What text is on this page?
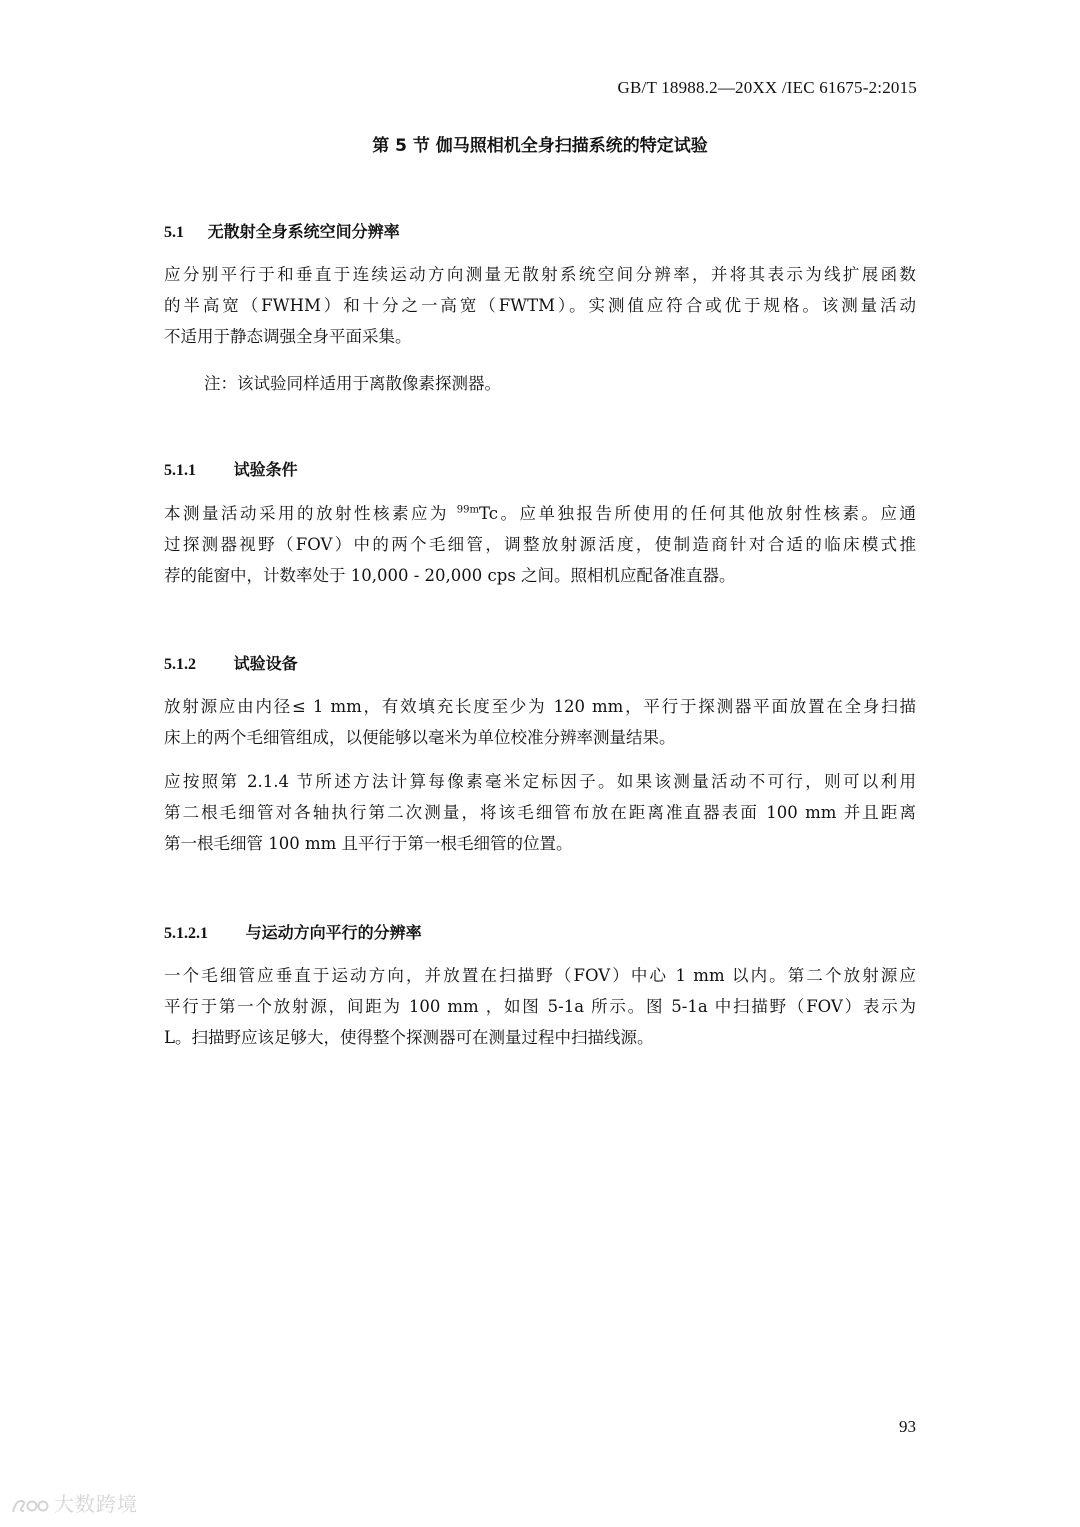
GB/T 18988.2—20XX /IEC 61675-2:2015
第 5 节 伽马照相机全身扫描系统的特定试验
5.1 无散射全身系统空间分辨率
应分别平行于和垂直于连续运动方向测量无散射系统空间分辨率，并将其表示为线扩展函数
的半高宽（FWHM）和十分之一高宽（FWTM）。实测值应符合或优于规格。该测量活动
不适用于静态调强全身平面采集。
注：该试验同样适用于离散像素探测器。
5.1.1 试验条件
本测量活动采用的放射性核素应为 $^{99m}$Tc。应单独报告所使用的任何其他放射性核素。应通
过探测器视野（FOV）中的两个毛细管，调整放射源活度，使制造商针对合适的临床模式推
荐的能窗中，计数率处于 10,000 - 20,000 cps 之间。照相机应配备准直器。
5.1.2 试验设备
放射源应由内径≤ 1 mm，有效填充长度至少为 120 mm，平行于探测器平面放置在全身扫描
床上的两个毛细管组成，以便能够以毫米为单位校准分辨率测量结果。
应按照第 2.1.4 节所述方法计算每像素毫米定标因子。如果该测量活动不可行，则可以利用
第二根毛细管对各轴执行第二次测量，将该毛细管布放在距离准直器表面 100 mm 并且距离
第一根毛细管 100 mm 且平行于第一根毛细管的位置。
5.1.2.1 与运动方向平行的分辨率
一个毛细管应垂直于运动方向，并放置在扫描野（FOV）中心 1 mm 以内。第二个放射源应
平行于第一个放射源，间距为 100 mm ，如图 5-1a 所示。图 5-1a 中扫描野（FOV）表示为
L。扫描野应该足够大，使得整个探测器可在测量过程中扫描线源。
93
大数跨境
